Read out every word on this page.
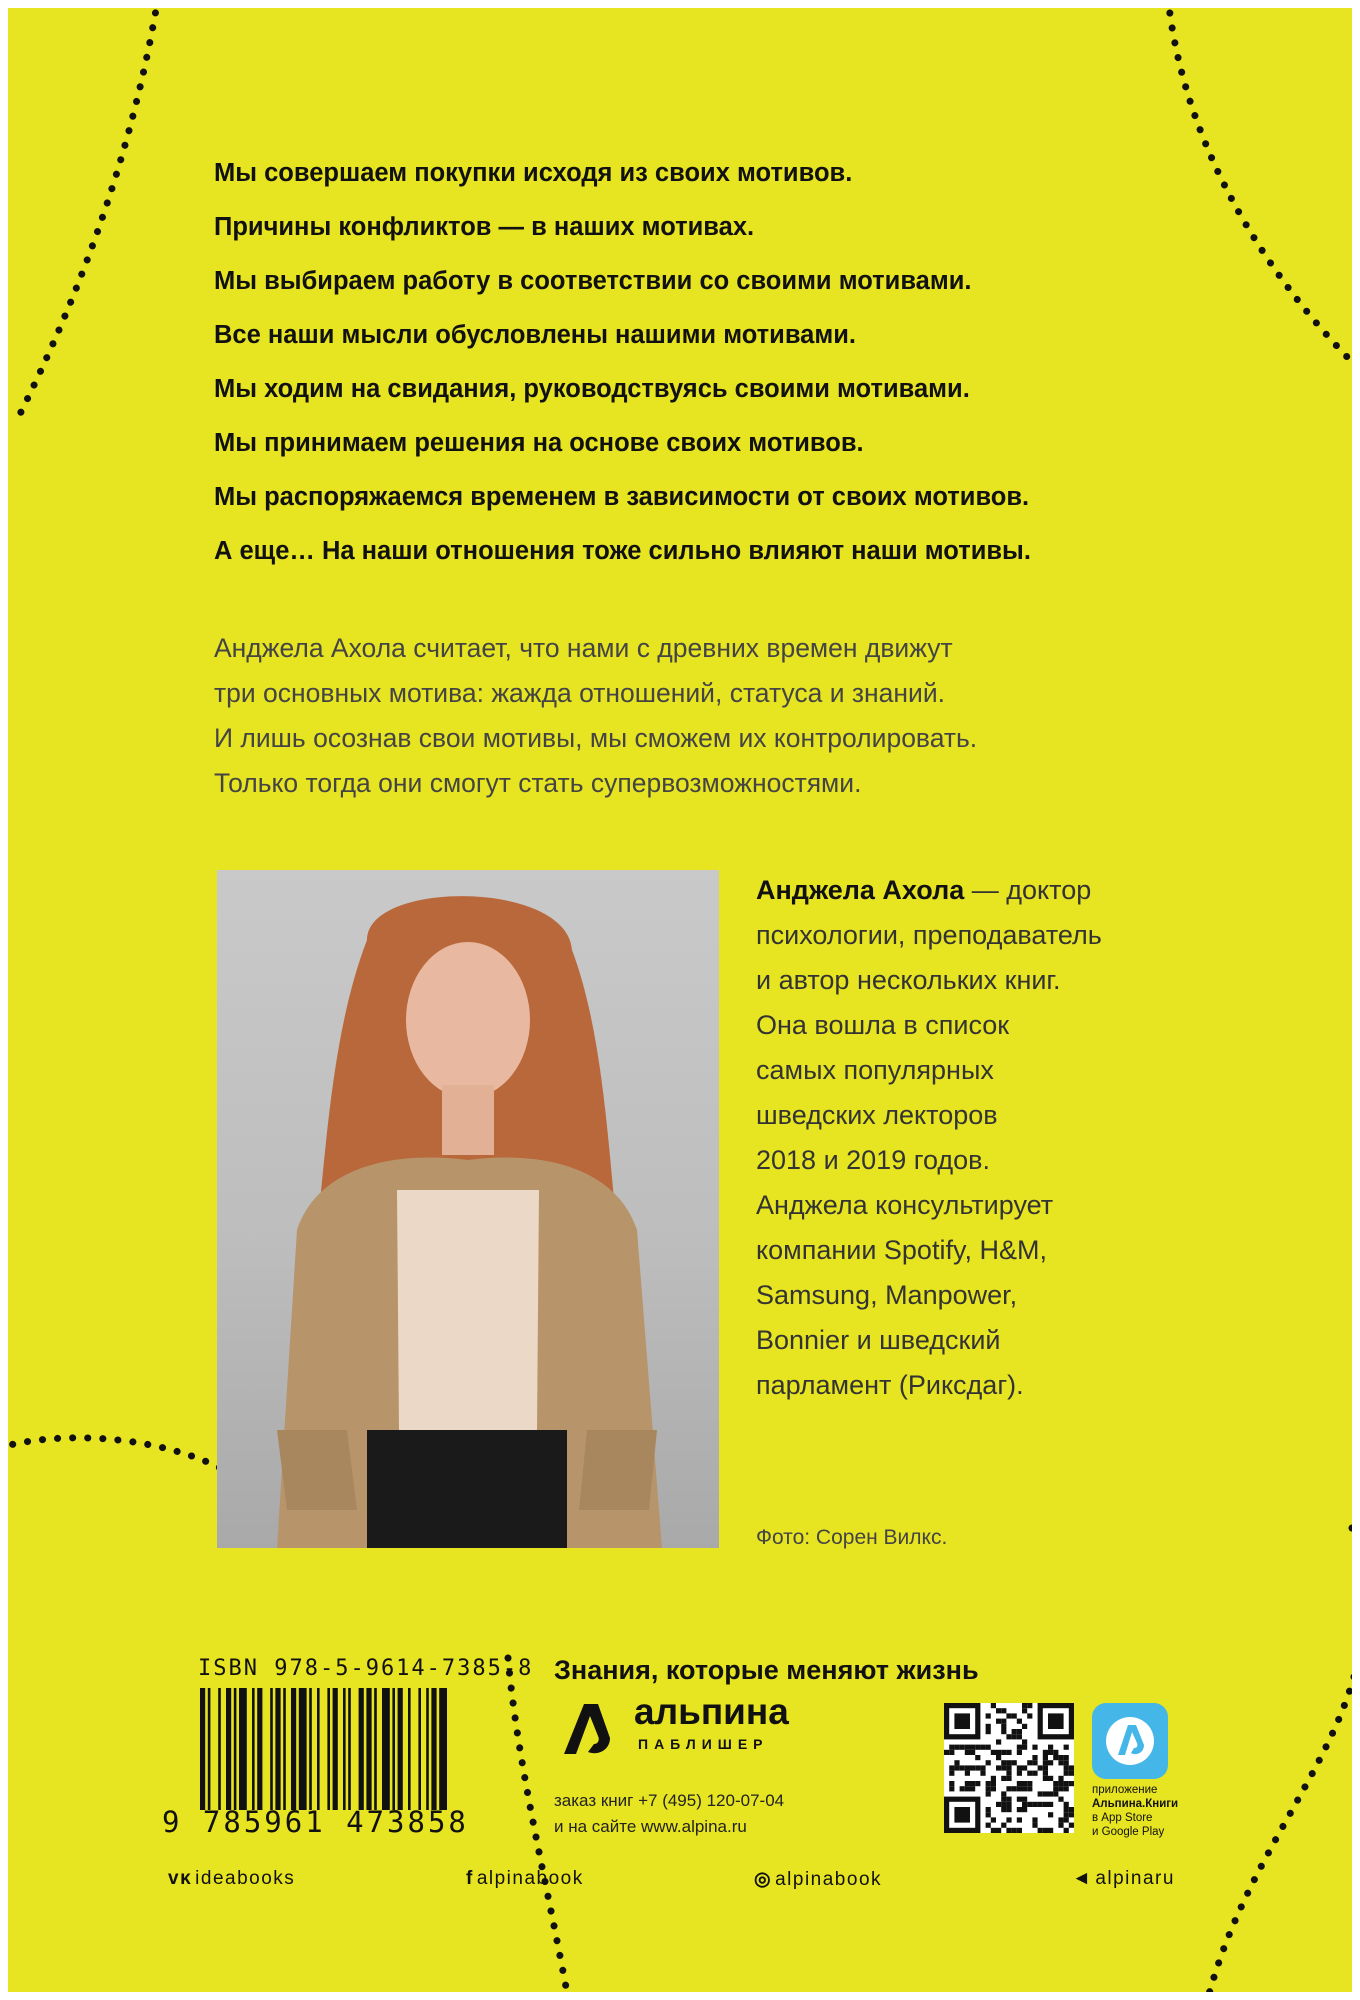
Мы совершаем покупки исходя из своих мотивов.
Причины конфликтов — в наших мотивах.
Мы выбираем работу в соответствии со своими мотивами.
Все наши мысли обусловлены нашими мотивами.
Мы ходим на свидания, руководствуясь своими мотивами.
Мы принимаем решения на основе своих мотивов.
Мы распоряжаемся временем в зависимости от своих мотивов.
А еще… На наши отношения тоже сильно влияют наши мотивы.
Анджела Ахола считает, что нами с древних времен движут
три основных мотива: жажда отношений, статуса и знаний.
И лишь осознав свои мотивы, мы сможем их контролировать.
Только тогда они смогут стать супервозможностями.
Анджела Ахола — доктор
психологии, преподаватель
и автор нескольких книг.
Она вошла в список
самых популярных
шведских лекторов
2018 и 2019 годов.
Анджела консультирует
компании Spotify, H&M,
Samsung, Manpower,
Bonnier и шведский
парламент (Риксдаг).
Фото: Сорен Вилкс.
ISBN 978-5-9614-7385-8
9 785961 473858
Знания, которые меняют жизнь
альпина
ПАБЛИШЕР
заказ книг +7 (495) 120-07-04
и на сайте www.alpina.ru
приложение
Альпина.Книги
в App Store
и Google Play
ᴠᴋ ideabooks	f alpinabook	◎ alpinabook	◄ alpinaru
